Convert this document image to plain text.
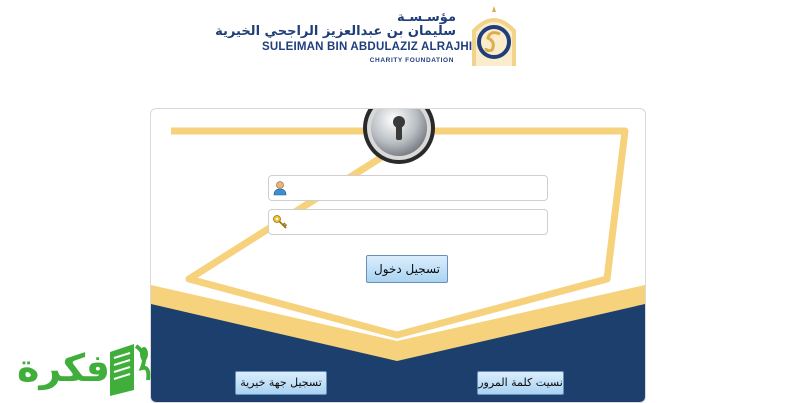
مؤسـسـة
سليمان بن عبدالعزيز الراجحي الخيرية
SULEIMAN BIN ABDULAZIZ ALRAJHI
CHARITY FOUNDATION
تسجيل دخول
تسجيل جهة خيرية	نسيت كلمة المرور
فكرة
